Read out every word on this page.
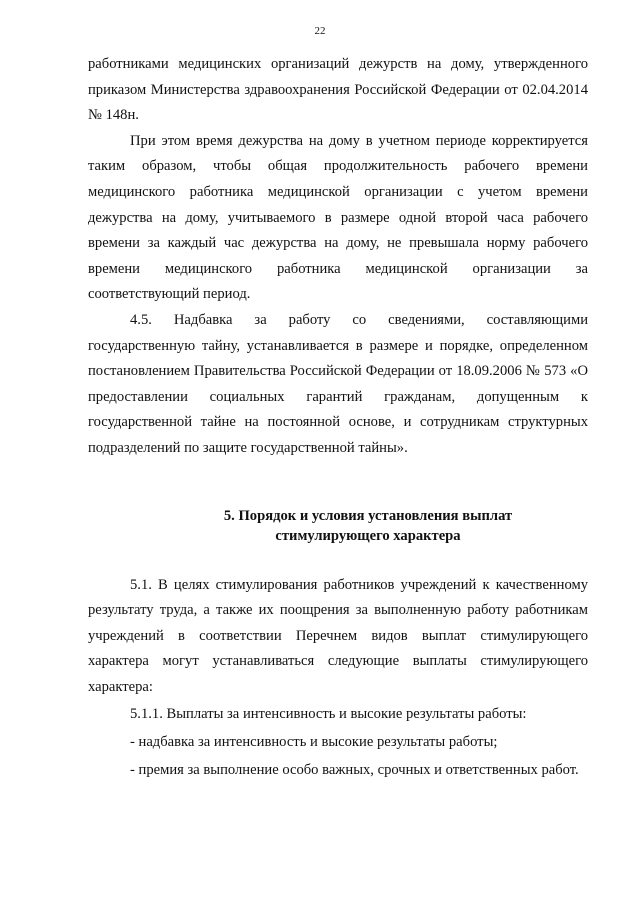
22

работниками медицинских организаций дежурств на дому, утвержденного приказом Министерства здравоохранения Российской Федерации от 02.04.2014 № 148н.

При этом время дежурства на дому в учетном периоде корректируется таким образом, чтобы общая продолжительность рабочего времени медицинского работника медицинской организации с учетом времени дежурства на дому, учитываемого в размере одной второй часа рабочего времени за каждый час дежурства на дому, не превышала норму рабочего времени медицинского работника медицинской организации за соответствующий период.

4.5. Надбавка за работу со сведениями, составляющими государственную тайну, устанавливается в размере и порядке, определенном постановлением Правительства Российской Федерации от 18.09.2006 № 573 «О предоставлении социальных гарантий гражданам, допущенным к государственной тайне на постоянной основе, и сотрудникам структурных подразделений по защите государственной тайны».

5. Порядок и условия установления выплат
стимулирующего характера

5.1. В целях стимулирования работников учреждений к качественному результату труда, а также их поощрения за выполненную работу работникам учреждений в соответствии Перечнем видов выплат стимулирующего характера могут устанавливаться следующие выплаты стимулирующего характера:

5.1.1. Выплаты за интенсивность и высокие результаты работы:

- надбавка за интенсивность и высокие результаты работы;

- премия за выполнение особо важных, срочных и ответственных работ.
